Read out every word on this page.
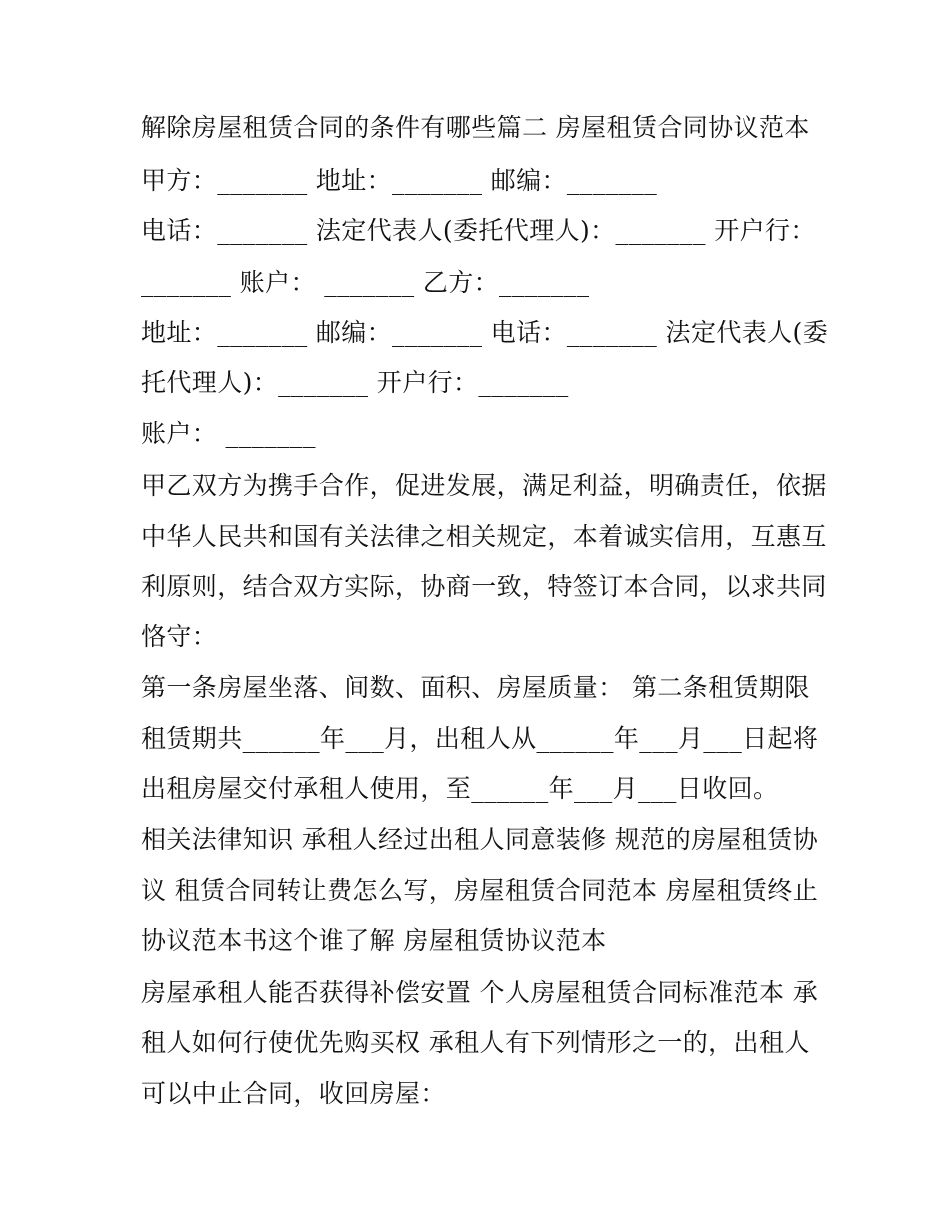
解除房屋租赁合同的条件有哪些篇二 房屋租赁合同协议范本
甲方：_______ 地址：_______ 邮编：_______
电话：_______ 法定代表人(委托代理人)：_______ 开户行：
_______ 账户： _______ 乙方：_______
地址：_______ 邮编：_______ 电话：_______ 法定代表人(委
托代理人)：_______ 开户行：_______
账户： _______
甲乙双方为携手合作，促进发展，满足利益，明确责任，依据
中华人民共和国有关法律之相关规定，本着诚实信用，互惠互
利原则，结合双方实际，协商一致，特签订本合同，以求共同
恪守：
第一条房屋坐落、间数、面积、房屋质量： 第二条租赁期限
租赁期共______年___月，出租人从______年___月___日起将
出租房屋交付承租人使用，至______年___月___日收回。
相关法律知识 承租人经过出租人同意装修 规范的房屋租赁协
议 租赁合同转让费怎么写，房屋租赁合同范本 房屋租赁终止
协议范本书这个谁了解 房屋租赁协议范本
房屋承租人能否获得补偿安置 个人房屋租赁合同标准范本 承
租人如何行使优先购买权 承租人有下列情形之一的，出租人
可以中止合同，收回房屋：
